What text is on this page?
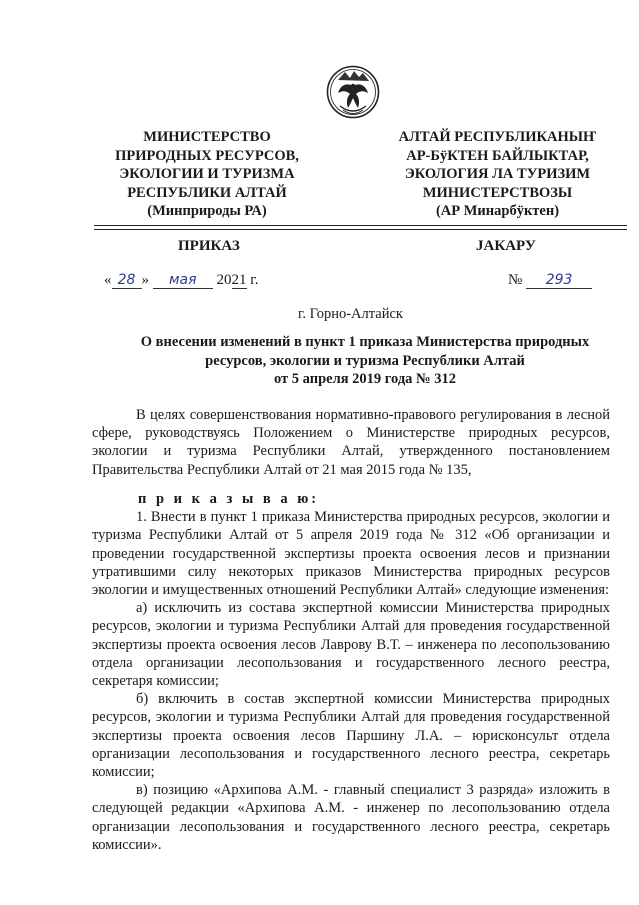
МИНИСТЕРСТВО
ПРИРОДНЫХ РЕСУРСОВ,
ЭКОЛОГИИ И ТУРИЗМА
РЕСПУБЛИКИ АЛТАЙ
(Минприроды РА)
АЛТАЙ РЕСПУБЛИКАНЫҤ
АР-БÿКТЕН БАЙЛЫКТАР,
ЭКОЛОГИЯ ЛА ТУРИЗИМ
МИНИСТЕРСТВОЗЫ
(АР Минарбÿктен)
ПРИКАЗ	JАКАРУ
« 28 » мая 2021 г.	№ 293
г. Горно-Алтайск
О внесении изменений в пункт 1 приказа Министерства природных
ресурсов, экологии и туризма Республики Алтай
от 5 апреля 2019 года № 312

В целях совершенствования нормативно-правового регулирования в лесной сфере, руководствуясь Положением о Министерстве природных ресурсов, экологии и туризма Республики Алтай, утвержденного постановлением Правительства Республики Алтай от 21 мая 2015 года № 135,

п р и к а з ы в а ю:

1. Внести в пункт 1 приказа Министерства природных ресурсов, экологии и туризма Республики Алтай от 5 апреля 2019 года № 312 «Об организации и проведении государственной экспертизы проекта освоения лесов и признании утратившими силу некоторых приказов Министерства природных ресурсов экологии и имущественных отношений Республики Алтай» следующие изменения:

а) исключить из состава экспертной комиссии Министерства природных ресурсов, экологии и туризма Республики Алтай для проведения государственной экспертизы проекта освоения лесов Лаврову В.Т. – инженера по лесопользованию отдела организации лесопользования и государственного лесного реестра, секретаря комиссии;

б) включить в состав экспертной комиссии Министерства природных ресурсов, экологии и туризма Республики Алтай для проведения государственной экспертизы проекта освоения лесов Паршину Л.А. – юрисконсульт отдела организации лесопользования и государственного лесного реестра, секретарь комиссии;

в) позицию «Архипова А.М. - главный специалист 3 разряда» изложить в следующей редакции «Архипова А.М. - инженер по лесопользованию отдела организации лесопользования и государственного лесного реестра, секретарь комиссии».
